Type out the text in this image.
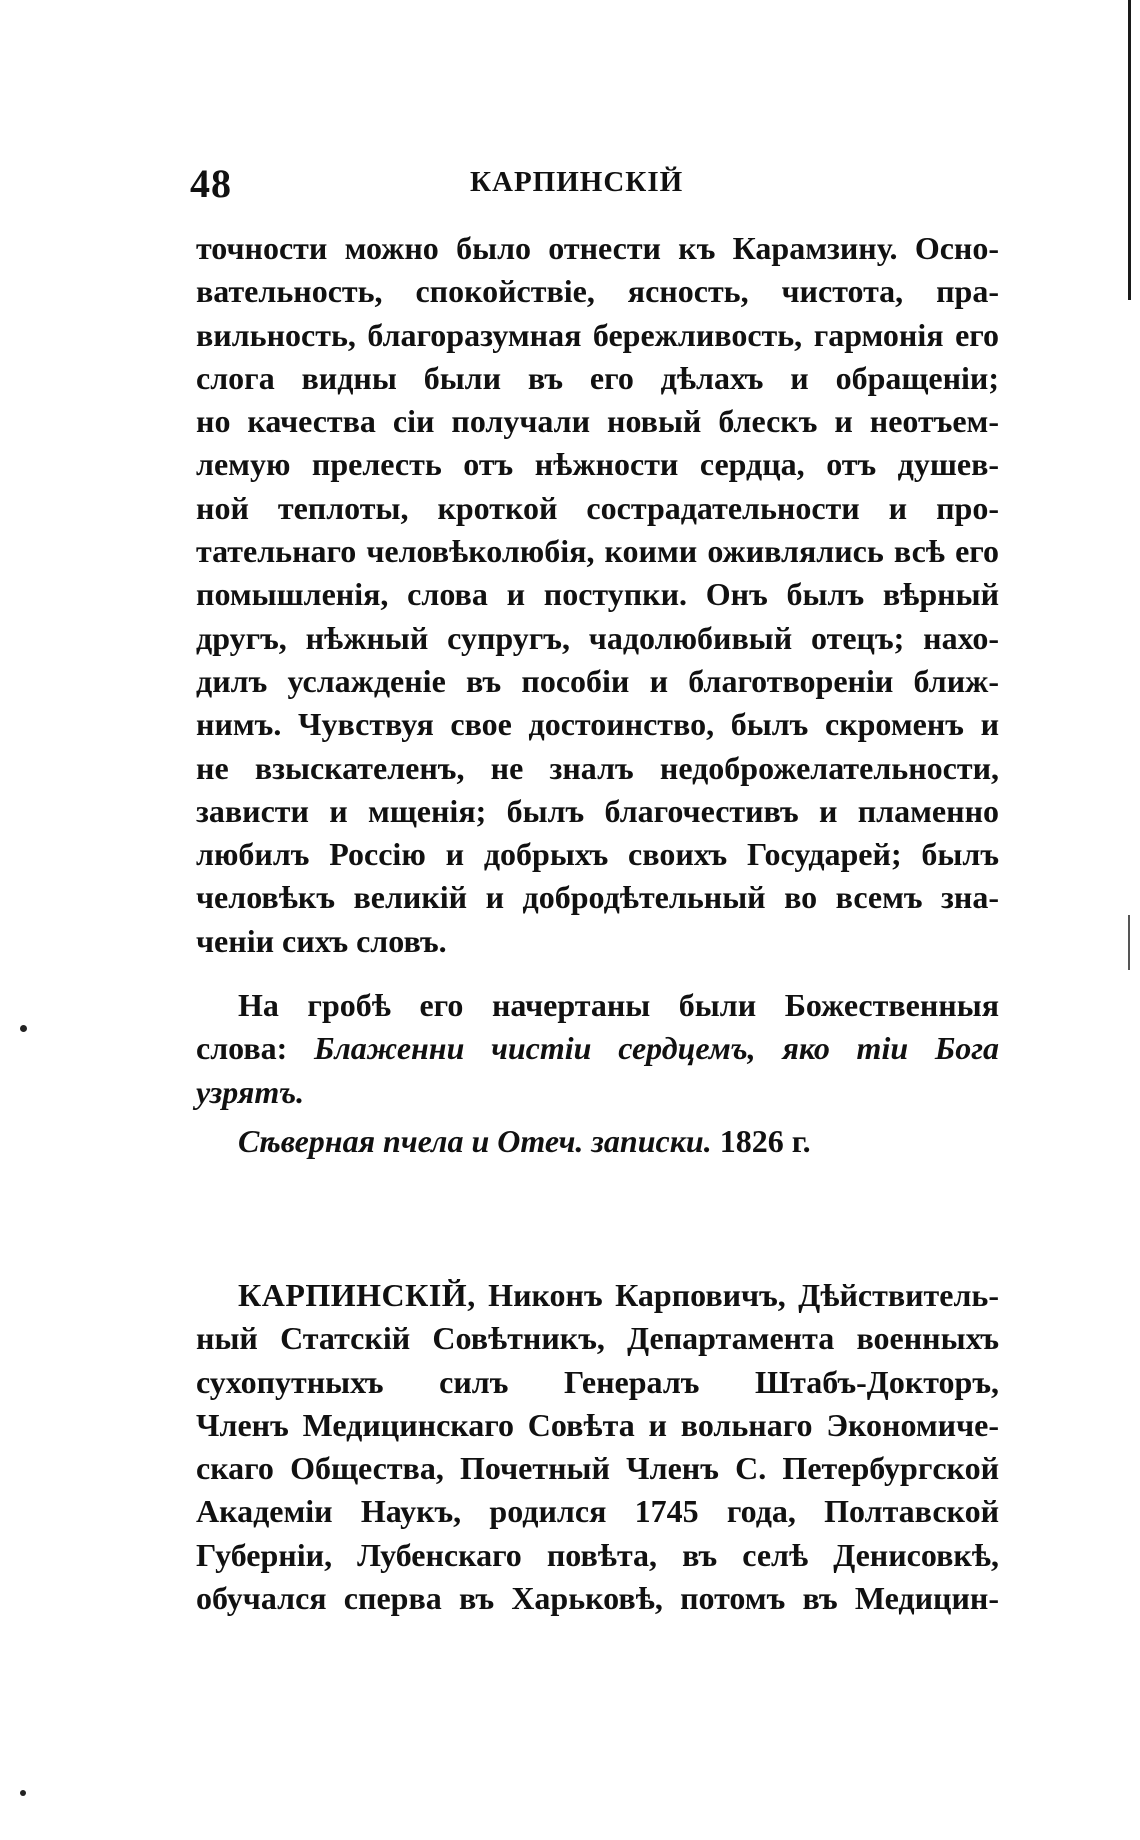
48	КАРПИНСКІЙ
точности можно было отнести къ Карамзину. Осно-
вательность, спокойствіе, ясность, чистота, пра-
вильность, благоразумная бережливость, гармонія его
слога видны были въ его дѣлахъ и обращеніи;
но качества сіи получали новый блескъ и неотъем-
лемую прелесть отъ нѣжности сердца, отъ душев-
ной теплоты, кроткой сострадательности и про-
тательнаго человѣколюбія, коими оживлялись всѣ его
помышленія, слова и поступки. Онъ былъ вѣрный
другъ, нѣжный супругъ, чадолюбивый отецъ; нахо-
дилъ услажденіе въ пособіи и благотвореніи ближ-
нимъ. Чувствуя свое достоинство, былъ скроменъ и
не взыскателенъ, не зналъ недоброжелательности,
зависти и мщенія; былъ благочестивъ и пламенно
любилъ Россію и добрыхъ своихъ Государей; былъ
человѣкъ великій и добродѣтельный во всемъ зна-
ченіи сихъ словъ.
На гробѣ его начертаны были Божественныя
слова: Блаженни чистіи сердцемъ, яко тіи Бога
узрятъ.
Сѣверная пчела и Отеч. записки. 1826 г.
КАРПИНСКІЙ, Никонъ Карповичъ, Дѣйствитель-
ный Статскій Совѣтникъ, Департамента военныхъ
сухопутныхъ силъ Генералъ Штабъ-Докторъ,
Членъ Медицинскаго Совѣта и вольнаго Экономиче-
скаго Общества, Почетный Членъ С. Петербургской
Академіи Наукъ, родился 1745 года, Полтавской
Губерніи, Лубенскаго повѣта, въ селѣ Денисовкѣ,
обучался сперва въ Харьковѣ, потомъ въ Медицин-
